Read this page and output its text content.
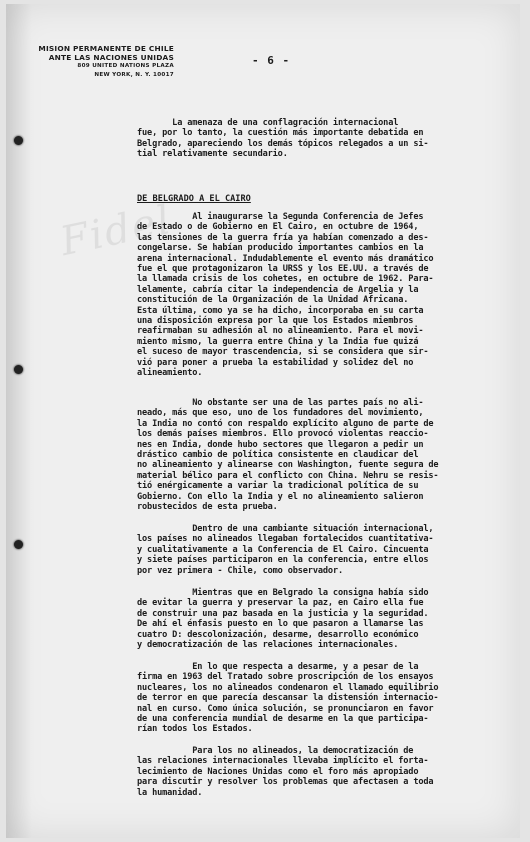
Fidel
MISION PERMANENTE DE CHILE
ANTE LAS NACIONES UNIDAS
809 UNITED NATIONS PLAZA
NEW YORK, N. Y. 10017
- 6 -
La amenaza de una conflagración internacional
fue, por lo tanto, la cuestión más importante debatida en
Belgrado, apareciendo los demás tópicos relegados a un si-
tial relativamente secundario.
DE BELGRADO A EL CAIRO
Al inaugurarse la Segunda Conferencia de Jefes
de Estado o de Gobierno en El Cairo, en octubre de 1964,
las tensiones de la guerra fría ya habían comenzado a des-
congelarse. Se habían producido importantes cambios en la
arena internacional. Indudablemente el evento más dramático
fue el que protagonizaron la URSS y los EE.UU. a través de
la llamada crisis de los cohetes, en octubre de 1962. Para-
lelamente, cabría citar la independencia de Argelia y la
constitución de la Organización de la Unidad Africana.
Esta última, como ya se ha dicho, incorporaba en su carta
una disposición expresa por la que los Estados miembros
reafirmaban su adhesión al no alineamiento. Para el movi-
miento mismo, la guerra entre China y la India fue quizá
el suceso de mayor trascendencia, si se considera que sir-
vió para poner a prueba la estabilidad y solidez del no
alineamiento.
No obstante ser una de las partes país no ali-
neado, más que eso, uno de los fundadores del movimiento,
la India no contó con respaldo explícito alguno de parte de
los demás países miembros. Ello provocó violentas reaccio-
nes en India, donde hubo sectores que llegaron a pedir un
drástico cambio de política consistente en claudicar del
no alineamiento y alinearse con Washington, fuente segura de
material bélico para el conflicto con China. Nehru se resis-
tió enérgicamente a variar la tradicional política de su
Gobierno. Con ello la India y el no alineamiento salieron
robustecidos de esta prueba.
Dentro de una cambiante situación internacional,
los países no alineados llegaban fortalecidos cuantitativa-
y cualitativamente a la Conferencia de El Cairo. Cincuenta
y siete países participaron en la conferencia, entre ellos
por vez primera - Chile, como observador.
Mientras que en Belgrado la consigna había sido
de evitar la guerra y preservar la paz, en Cairo ella fue
de construir una paz basada en la justicia y la seguridad.
De ahí el énfasis puesto en lo que pasaron a llamarse las
cuatro D: descolonización, desarme, desarrollo económico
y democratización de las relaciones internacionales.
En lo que respecta a desarme, y a pesar de la
firma en 1963 del Tratado sobre proscripción de los ensayos
nucleares, los no alineados condenaron el llamado equilibrio
de terror en que parecía descansar la distensión internacio-
nal en curso. Como única solución, se pronunciaron en favor
de una conferencia mundial de desarme en la que participa-
rían todos los Estados.
Para los no alineados, la democratización de
las relaciones internacionales llevaba implícito el forta-
lecimiento de Naciones Unidas como el foro más apropiado
para discutir y resolver los problemas que afectasen a toda
la humanidad.
